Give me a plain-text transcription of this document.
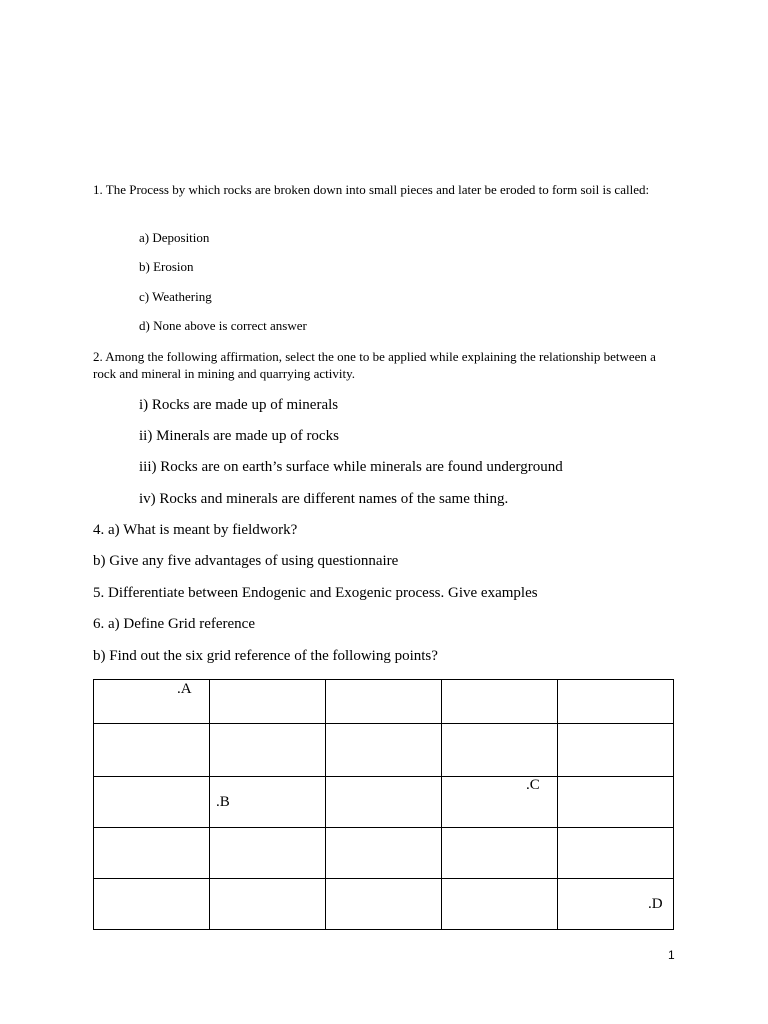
1. The Process by which rocks are broken down into small pieces and later be eroded to form soil is called:
a) Deposition
b) Erosion
c) Weathering
d) None above is correct answer
2. Among the following affirmation, select the one to be applied while explaining the relationship between a rock and mineral in mining and quarrying activity.
i) Rocks are made up of minerals
ii) Minerals are made up of rocks
iii) Rocks are on earth’s surface while minerals are found underground
iv) Rocks and minerals are different names of the same thing.
4. a) What is meant by fieldwork?
b) Give any five advantages of using questionnaire
5. Differentiate between Endogenic and Exogenic process. Give examples
6. a) Define Grid reference
b) Find out the six grid reference of the following points?
.A				

	.B		.C	

				.D
1
